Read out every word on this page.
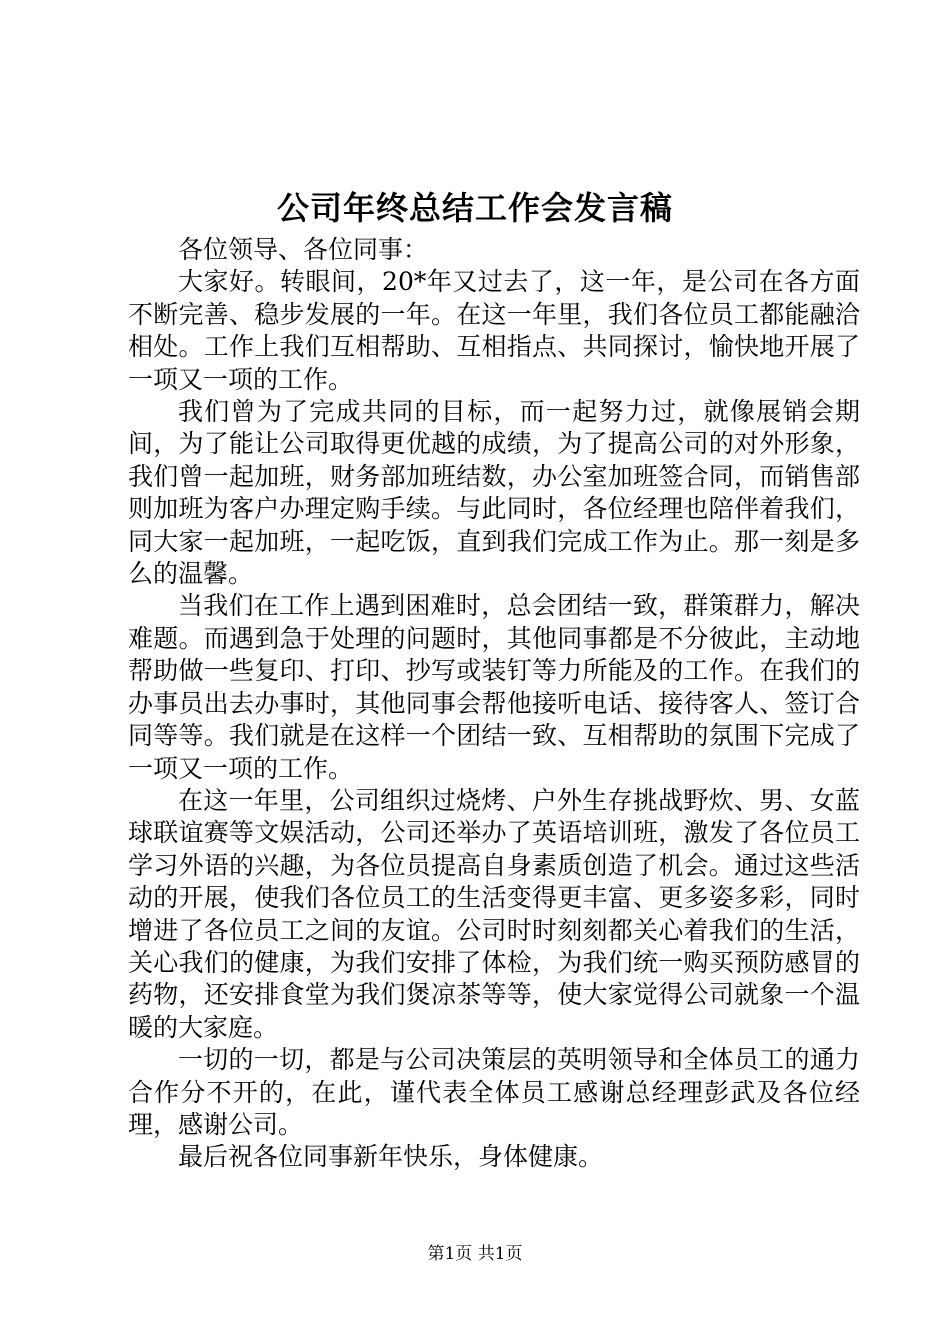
公司年终总结工作会发言稿

各位领导、各位同事：

大家好。转眼间，20*年又过去了，这一年，是公司在各方面不断完善、稳步发展的一年。在这一年里，我们各位员工都能融洽相处。工作上我们互相帮助、互相指点、共同探讨，愉快地开展了一项又一项的工作。

我们曾为了完成共同的目标，而一起努力过，就像展销会期间，为了能让公司取得更优越的成绩，为了提高公司的对外形象，我们曾一起加班，财务部加班结数，办公室加班签合同，而销售部则加班为客户办理定购手续。与此同时，各位经理也陪伴着我们，同大家一起加班，一起吃饭，直到我们完成工作为止。那一刻是多么的温馨。

当我们在工作上遇到困难时，总会团结一致，群策群力，解决难题。而遇到急于处理的问题时，其他同事都是不分彼此，主动地帮助做一些复印、打印、抄写或装钉等力所能及的工作。在我们的办事员出去办事时，其他同事会帮他接听电话、接待客人、签订合同等等。我们就是在这样一个团结一致、互相帮助的氛围下完成了一项又一项的工作。

在这一年里，公司组织过烧烤、户外生存挑战野炊、男、女蓝球联谊赛等文娱活动，公司还举办了英语培训班，激发了各位员工学习外语的兴趣，为各位员提高自身素质创造了机会。通过这些活动的开展，使我们各位员工的生活变得更丰富、更多姿多彩，同时增进了各位员工之间的友谊。公司时时刻刻都关心着我们的生活，关心我们的健康，为我们安排了体检，为我们统一购买预防感冒的药物，还安排食堂为我们煲凉茶等等，使大家觉得公司就象一个温暖的大家庭。

一切的一切，都是与公司决策层的英明领导和全体员工的通力合作分不开的，在此，谨代表全体员工感谢总经理彭武及各位经理，感谢公司。

最后祝各位同事新年快乐，身体健康。

第1页 共1页
